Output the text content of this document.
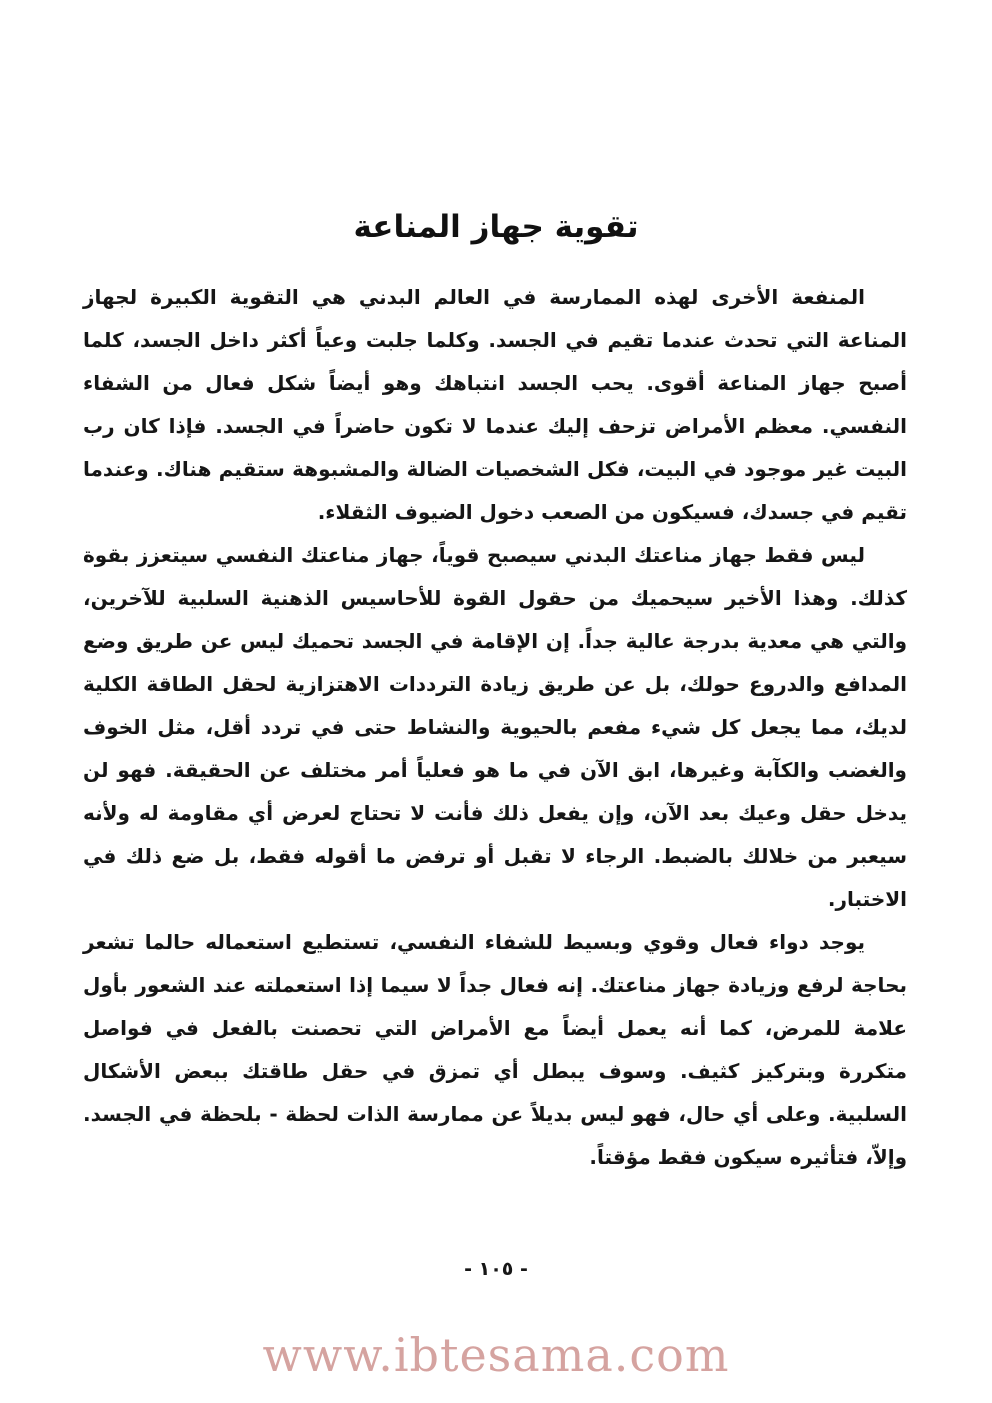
تقوية جهاز المناعة

المنفعة الأخرى لهذه الممارسة في العالم البدني هي التقوية الكبيرة لجهاز المناعة التي تحدث عندما تقيم في الجسد. وكلما جلبت وعياً أكثر داخل الجسد، كلما أصبح جهاز المناعة أقوى. يحب الجسد انتباهك وهو أيضاً شكل فعال من الشفاء النفسي. معظم الأمراض تزحف إليك عندما لا تكون حاضراً في الجسد. فإذا كان رب البيت غير موجود في البيت، فكل الشخصيات الضالة والمشبوهة ستقيم هناك. وعندما تقيم في جسدك، فسيكون من الصعب دخول الضيوف الثقلاء.

ليس فقط جهاز مناعتك البدني سيصبح قوياً، جهاز مناعتك النفسي سيتعزز بقوة كذلك. وهذا الأخير سيحميك من حقول القوة للأحاسيس الذهنية السلبية للآخرين، والتي هي معدية بدرجة عالية جداً. إن الإقامة في الجسد تحميك ليس عن طريق وضع المدافع والدروع حولك، بل عن طريق زيادة الترددات الاهتزازية لحقل الطاقة الكلية لديك، مما يجعل كل شيء مفعم بالحيوية والنشاط حتى في تردد أقل، مثل الخوف والغضب والكآبة وغيرها، ابق الآن في ما هو فعلياً أمر مختلف عن الحقيقة. فهو لن يدخل حقل وعيك بعد الآن، وإن يفعل ذلك فأنت لا تحتاج لعرض أي مقاومة له ولأنه سيعبر من خلالك بالضبط. الرجاء لا تقبل أو ترفض ما أقوله فقط، بل ضع ذلك في الاختبار.

يوجد دواء فعال وقوي وبسيط للشفاء النفسي، تستطيع استعماله حالما تشعر بحاجة لرفع وزيادة جهاز مناعتك. إنه فعال جداً لا سيما إذا استعملته عند الشعور بأول علامة للمرض، كما أنه يعمل أيضاً مع الأمراض التي تحصنت بالفعل في فواصل متكررة وبتركيز كثيف. وسوف يبطل أي تمزق في حقل طاقتك ببعض الأشكال السلبية. وعلى أي حال، فهو ليس بديلاً عن ممارسة الذات لحظة - بلحظة في الجسد. وإلاّ، فتأثيره سيكون فقط مؤقتاً.

- ١٠٥ -
www.ibtesama.com
